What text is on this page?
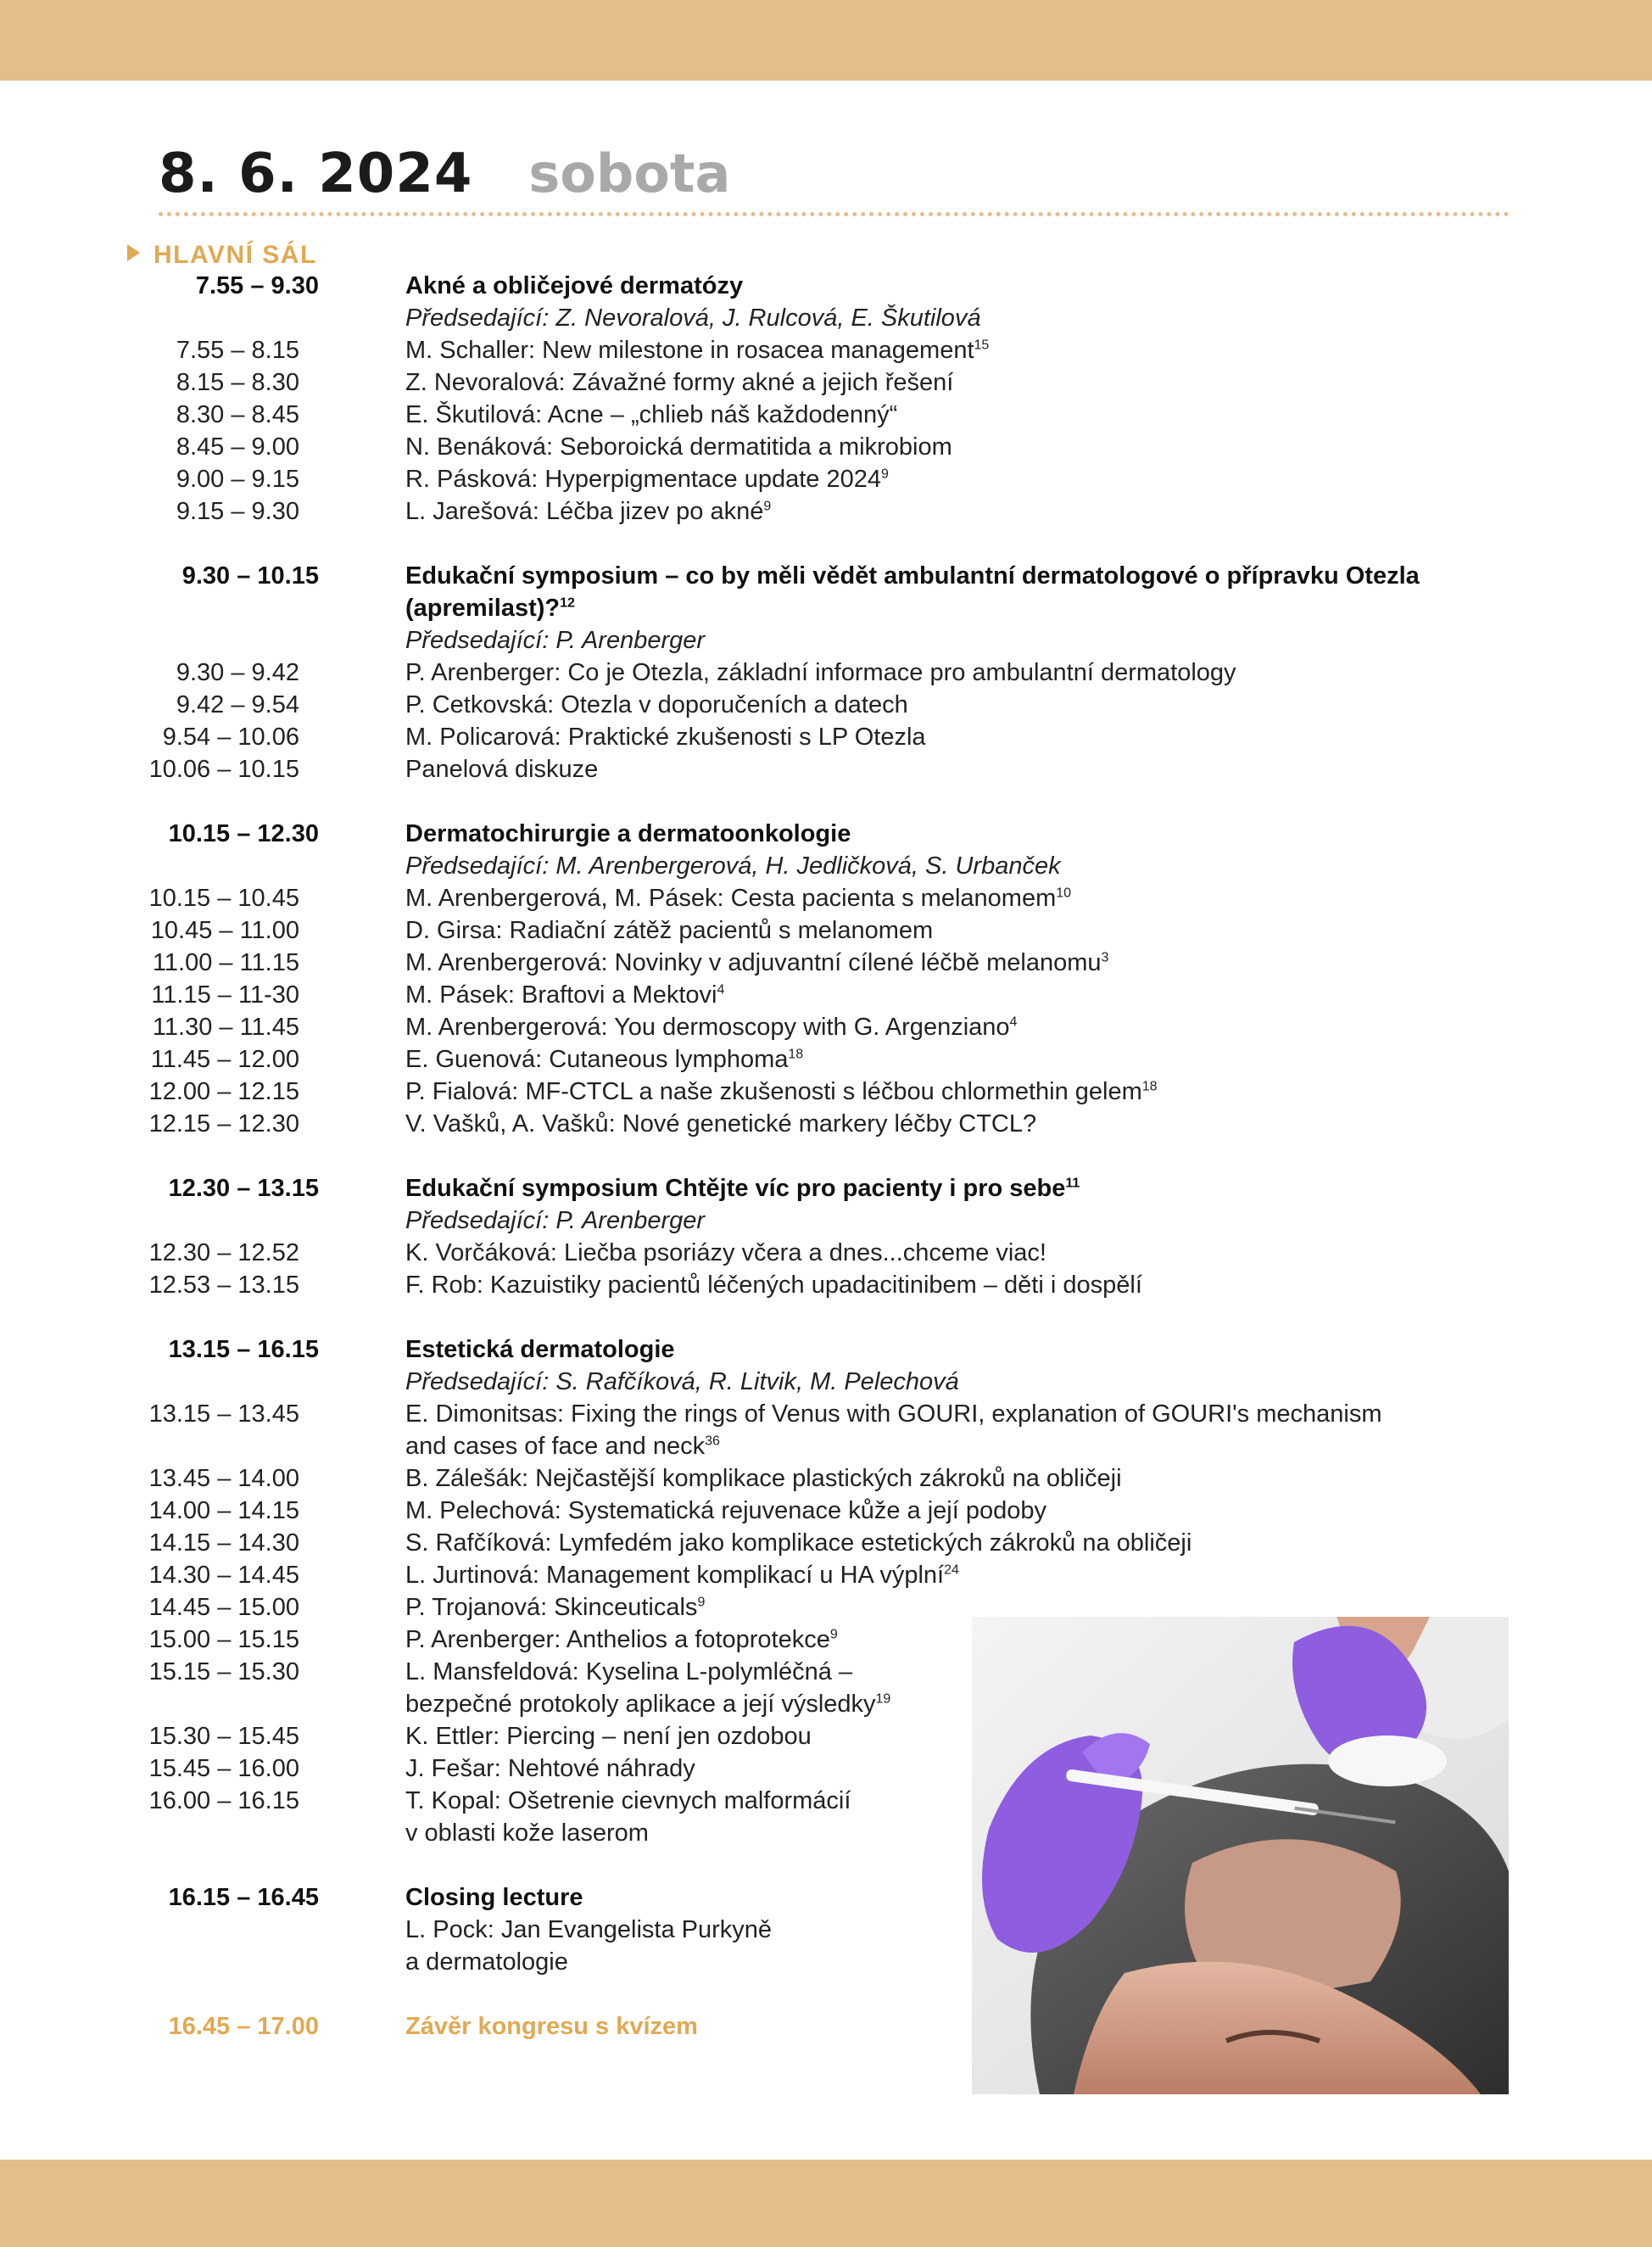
8. 6. 2024 sobota
HLAVNÍ SÁL
7.55 – 9.30	Akné a obličejové dermatózy
Předsedající: Z. Nevoralová, J. Rulcová, E. Škutilová
7.55 – 8.15	M. Schaller: New milestone in rosacea management$^{15}$
8.15 – 8.30	Z. Nevoralová: Závažné formy akné a jejich řešení
8.30 – 8.45	E. Škutilová: Acne – „chlieb náš každodenný“
8.45 – 9.00	N. Benáková: Seboroická dermatitida a mikrobiom
9.00 – 9.15	R. Pásková: Hyperpigmentace update 2024$^9$
9.15 – 9.30	L. Jarešová: Léčba jizev po akné$^9$
9.30 – 10.15	Edukační symposium – co by měli vědět ambulantní dermatologové o přípravku Otezla (apremilast)?$^{12}$
Předsedající: P. Arenberger
9.30 – 9.42	P. Arenberger: Co je Otezla, základní informace pro ambulantní dermatology
9.42 – 9.54	P. Cetkovská: Otezla v doporučeních a datech
9.54 – 10.06	M. Policarová: Praktické zkušenosti s LP Otezla
10.06 – 10.15	Panelová diskuze
10.15 – 12.30	Dermatochirurgie a dermatoonkologie
Předsedající: M. Arenbergerová, H. Jedličková, S. Urbanček
10.15 – 10.45	M. Arenbergerová, M. Pásek: Cesta pacienta s melanomem$^{10}$
10.45 – 11.00	D. Girsa: Radiační zátěž pacientů s melanomem
11.00 – 11.15	M. Arenbergerová: Novinky v adjuvantní cílené léčbě melanomu$^3$
11.15 – 11-30	M. Pásek: Braftovi a Mektovi$^4$
11.30 – 11.45	M. Arenbergerová: You dermoscopy with G. Argenziano$^4$
11.45 – 12.00	E. Guenová: Cutaneous lymphoma$^{18}$
12.00 – 12.15	P. Fialová: MF-CTCL a naše zkušenosti s léčbou chlormethin gelem$^{18}$
12.15 – 12.30	V. Vašků, A. Vašků: Nové genetické markery léčby CTCL?
12.30 – 13.15	Edukační symposium Chtějte víc pro pacienty i pro sebe$^{11}$
Předsedající: P. Arenberger
12.30 – 12.52	K. Vorčáková: Liečba psoriázy včera a dnes...chceme viac!
12.53 – 13.15	F. Rob: Kazuistiky pacientů léčených upadacitinibem – děti i dospělí
13.15 – 16.15	Estetická dermatologie
Předsedající: S. Rafčíková, R. Litvik, M. Pelechová
13.15 – 13.45	E. Dimonitsas: Fixing the rings of Venus with GOURI, explanation of GOURI's mechanism
and cases of face and neck$^{36}$
13.45 – 14.00	B. Zálešák: Nejčastější komplikace plastických zákroků na obličeji
14.00 – 14.15	M. Pelechová: Systematická rejuvenace kůže a její podoby
14.15 – 14.30	S. Rafčíková: Lymfedém jako komplikace estetických zákroků na obličeji
14.30 – 14.45	L. Jurtinová: Management komplikací u HA výplní$^{24}$
14.45 – 15.00	P. Trojanová: Skinceuticals$^9$
15.00 – 15.15	P. Arenberger: Anthelios a fotoprotekce$^9$
15.15 – 15.30	L. Mansfeldová: Kyselina L-polymléčná –
bezpečné protokoly aplikace a její výsledky$^{19}$
15.30 – 15.45	K. Ettler: Piercing – není jen ozdobou
15.45 – 16.00	J. Fešar: Nehtové náhrady
16.00 – 16.15	T. Kopal: Ošetrenie cievnych malformácií
v oblasti kože laserom
16.15 – 16.45	Closing lecture
L. Pock: Jan Evangelista Purkyně
a dermatologie
16.45 – 17.00	Závěr kongresu s kvízem
